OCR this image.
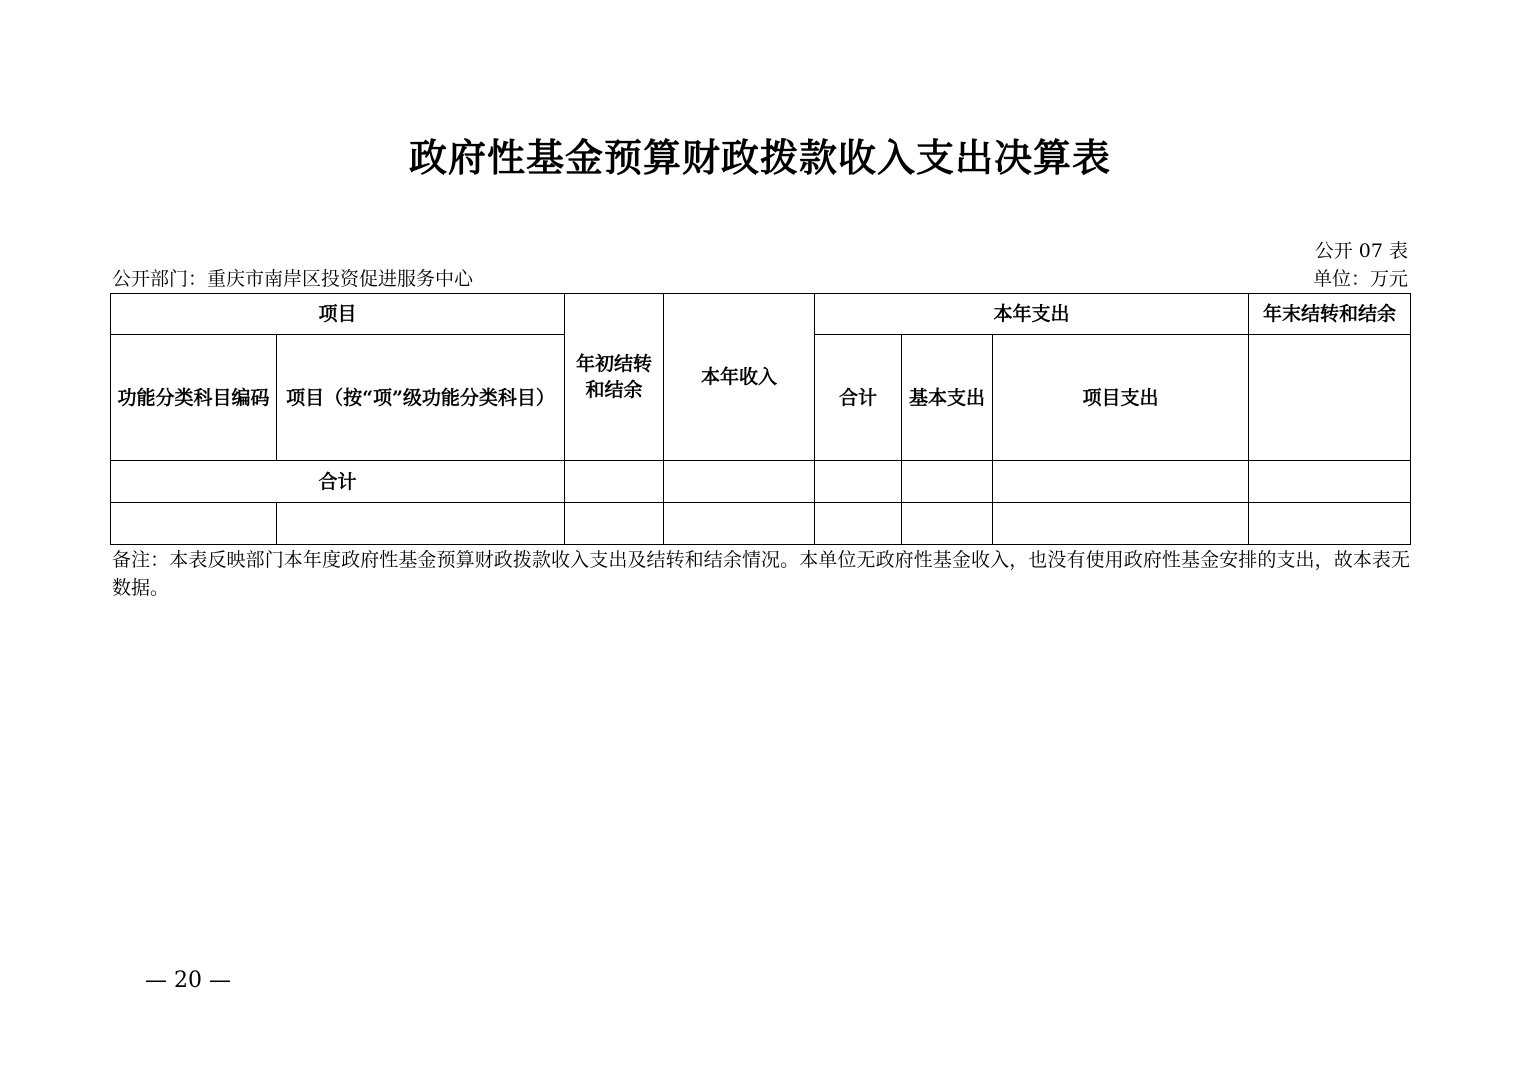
政府性基金预算财政拨款收入支出决算表
公开 07 表
公开部门：重庆市南岸区投资促进服务中心	单位：万元
项目		年初结转和结余	本年收入	本年支出			年末结转和结余
功能分类科目编码	项目（按“项”级功能分类科目）			合计	基本支出	项目支出	
合计							

备注：本表反映部门本年度政府性基金预算财政拨款收入支出及结转和结余情况。本单位无政府性基金收入，也没有使用政府性基金安排的支出，故本表无数据。
— 20 —
